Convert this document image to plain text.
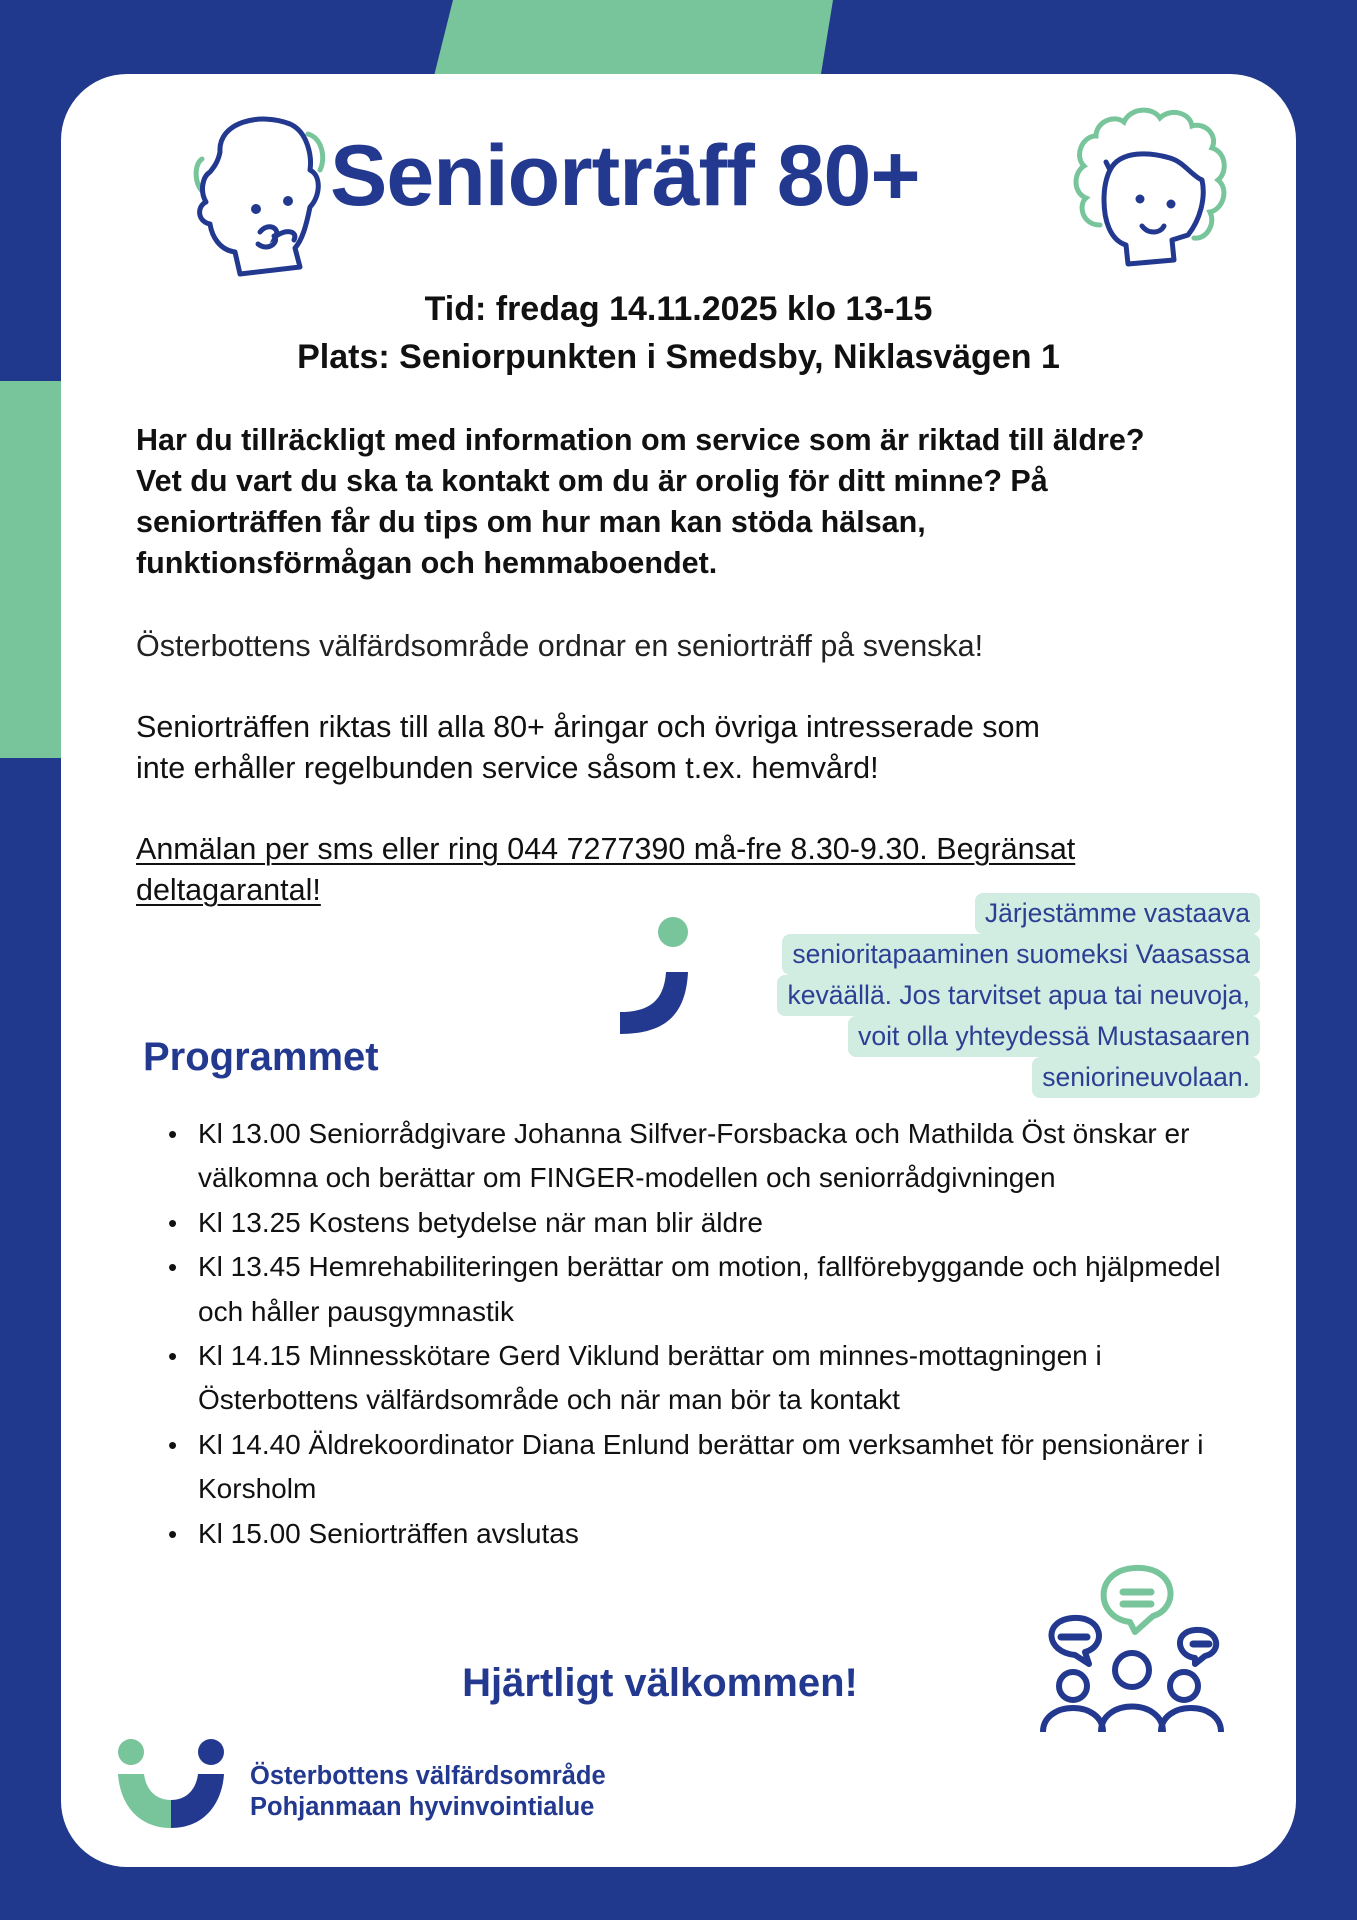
Seniorträff 80+
Tid: fredag 14.11.2025 klo 13-15
Plats: Seniorpunkten i Smedsby, Niklasvägen 1
Har du tillräckligt med information om service som är riktad till äldre?
Vet du vart du ska ta kontakt om du är orolig för ditt minne? På
seniorträffen får du tips om hur man kan stöda hälsan,
funktionsförmågan och hemmaboendet.
Österbottens välfärdsområde ordnar en seniorträff på svenska!
Seniorträffen riktas till alla 80+ åringar och övriga intresserade som
inte erhåller regelbunden service såsom t.ex. hemvård!
Anmälan per sms eller ring 044 7277390 må-fre 8.30-9.30. Begränsat
deltagarantal!
Järjestämme vastaava
senioritapaaminen suomeksi Vaasassa
keväällä. Jos tarvitset apua tai neuvoja,
voit olla yhteydessä Mustasaaren
seniorineuvolaan.
Programmet
• Kl 13.00 Seniorrådgivare Johanna Silfver-Forsbacka och Mathilda Öst önskar er välkomna och berättar om FINGER-modellen och seniorrådgivningen
• Kl 13.25 Kostens betydelse när man blir äldre
• Kl 13.45 Hemrehabiliteringen berättar om motion, fallförebyggande och hjälpmedel och håller pausgymnastik
• Kl 14.15 Minnesskötare Gerd Viklund berättar om minnes-mottagningen i Österbottens välfärdsområde och när man bör ta kontakt
• Kl 14.40 Äldrekoordinator Diana Enlund berättar om verksamhet för pensionärer i Korsholm
• Kl 15.00 Seniorträffen avslutas
Hjärtligt välkommen!
Österbottens välfärdsområde
Pohjanmaan hyvinvointialue
